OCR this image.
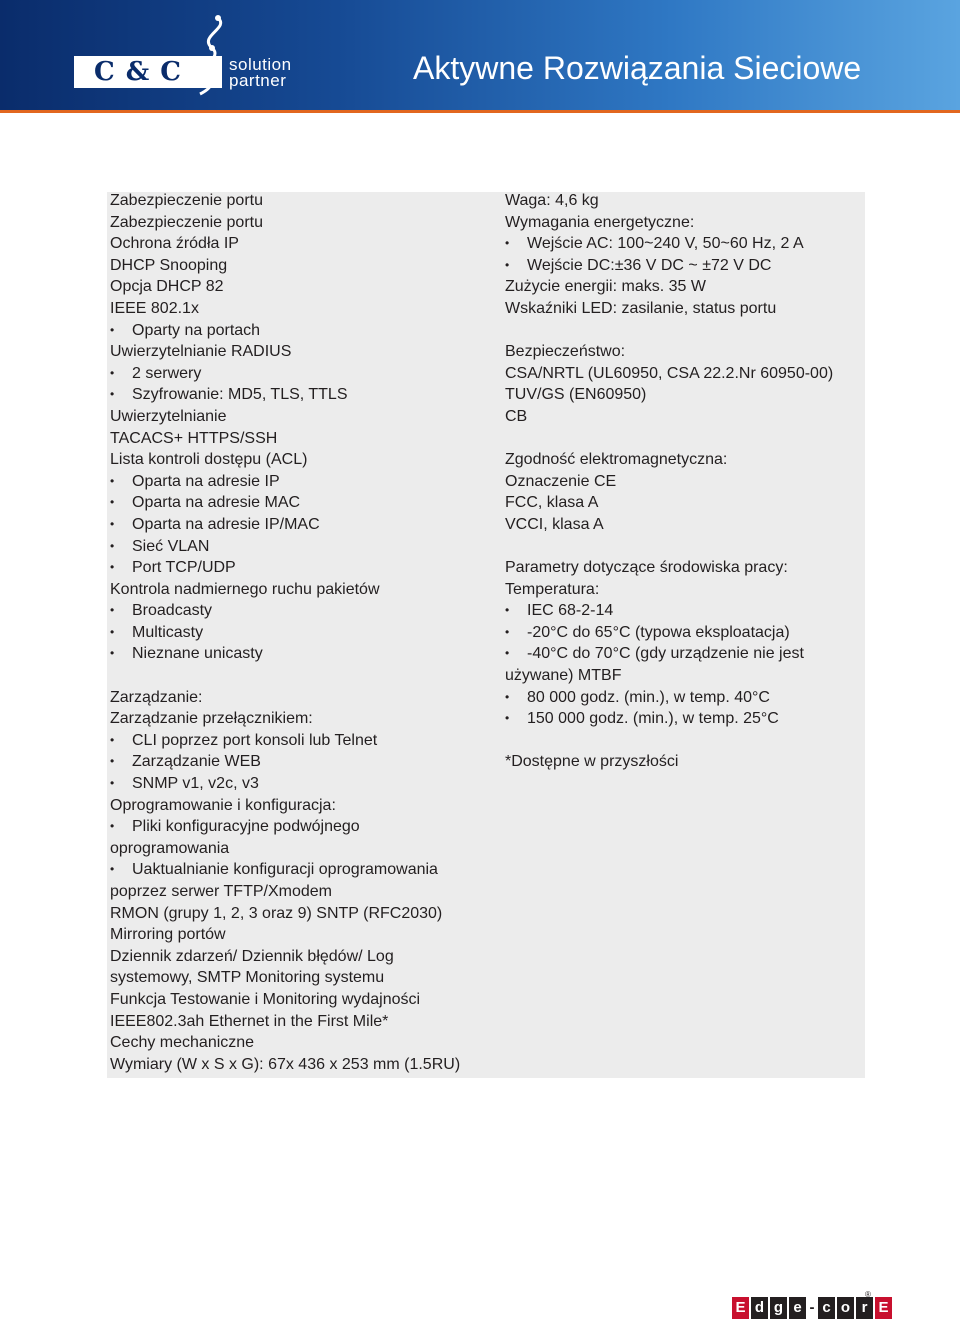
C & C	solution
partner	Aktywne Rozwiązania Sieciowe
Zabezpieczenie portu
Zabezpieczenie portu
Ochrona źródła IP
DHCP Snooping
Opcja DHCP 82
IEEE 802.1x
• Oparty na portach
Uwierzytelnianie RADIUS
• 2 serwery
• Szyfrowanie: MD5, TLS, TTLS
Uwierzytelnianie
TACACS+ HTTPS/SSH
Lista kontroli dostępu (ACL)
• Oparta na adresie IP
• Oparta na adresie MAC
• Oparta na adresie IP/MAC
• Sieć VLAN
• Port TCP/UDP
Kontrola nadmiernego ruchu pakietów
• Broadcasty
• Multicasty
• Nieznane unicasty
Zarządzanie:
Zarządzanie przełącznikiem:
• CLI poprzez port konsoli lub Telnet
• Zarządzanie WEB
• SNMP v1, v2c, v3
Oprogramowanie i konfiguracja:
• Pliki konfiguracyjne podwójnego
oprogramowania
• Uaktualnianie konfiguracji oprogramowania
poprzez serwer TFTP/Xmodem
RMON (grupy 1, 2, 3 oraz 9) SNTP (RFC2030)
Mirroring portów
Dziennik zdarzeń/ Dziennik błędów/ Log
systemowy, SMTP Monitoring systemu
Funkcja Testowanie i Monitoring wydajności
IEEE802.3ah Ethernet in the First Mile*
Cechy mechaniczne
Wymiary (W x S x G): 67x 436 x 253 mm (1.5RU)
Waga: 4,6 kg
Wymagania energetyczne:
• Wejście AC: 100~240 V, 50~60 Hz, 2 A
• Wejście DC:±36 V DC ~ ±72 V DC
Zużycie energii: maks. 35 W
Wskaźniki LED: zasilanie, status portu
Bezpieczeństwo:
CSA/NRTL (UL60950, CSA 22.2.Nr 60950-00)
TUV/GS (EN60950)
CB
Zgodność elektromagnetyczna:
Oznaczenie CE
FCC, klasa A
VCCI, klasa A
Parametry dotyczące środowiska pracy:
Temperatura:
• IEC 68-2-14
• -20°C do 65°C (typowa eksploatacja)
• -40°C do 70°C (gdy urządzenie nie jest
używane) MTBF
• 80 000 godz. (min.), w temp. 40°C
• 150 000 godz. (min.), w temp. 25°C
*Dostępne w przyszłości
E d g e - c o r E
®
